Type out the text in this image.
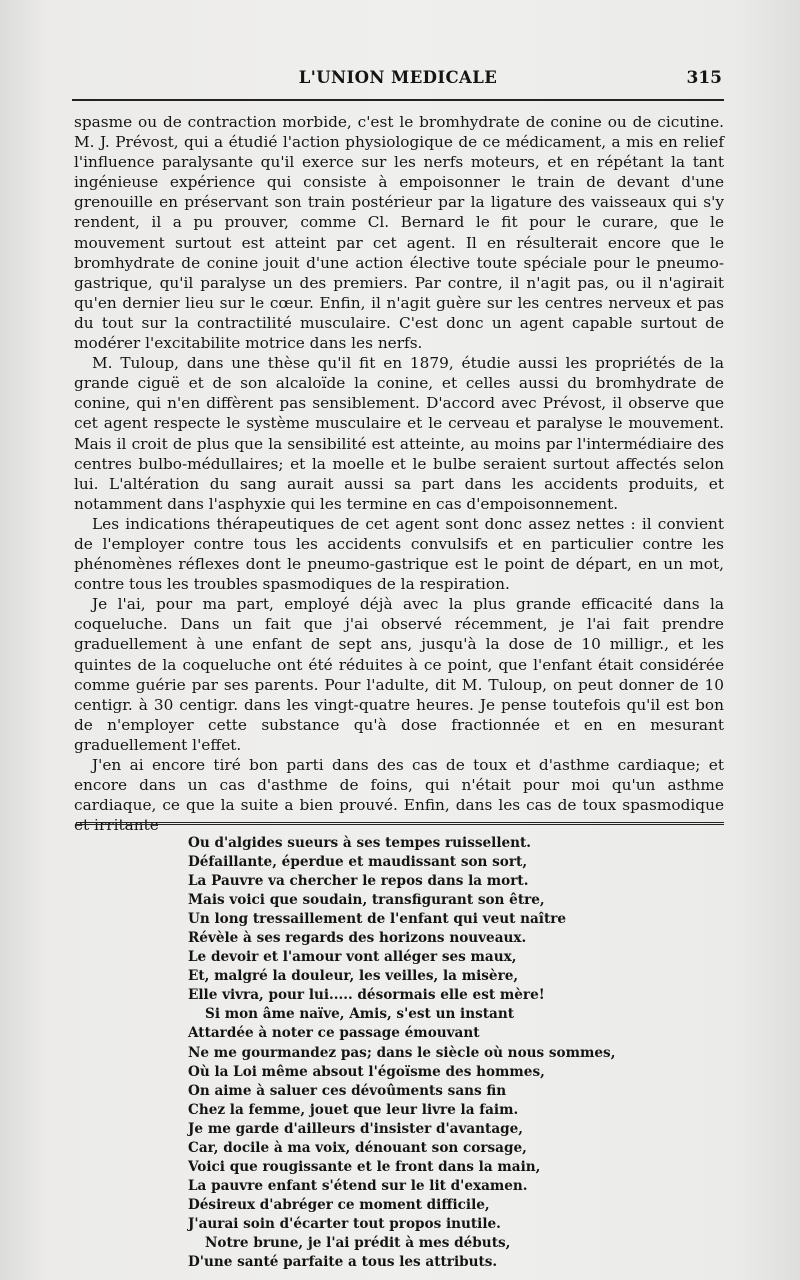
L'UNION MEDICALE	315

spasme ou de contraction morbide, c'est le bromhydrate de conine ou de cicutine. M. J. Prévost, qui a étudié l'action physiologique de ce médicament, a mis en relief l'influence paralysante qu'il exerce sur les nerfs moteurs, et en répétant la tant ingénieuse expérience qui consiste à empoisonner le train de devant d'une grenouille en préservant son train postérieur par la ligature des vaisseaux qui s'y rendent, il a pu prouver, comme Cl. Bernard le fit pour le curare, que le mouvement surtout est atteint par cet agent. Il en résulterait encore que le bromhydrate de conine jouit d'une action élective toute spéciale pour le pneumo-gastrique, qu'il paralyse un des premiers. Par contre, il n'agit pas, ou il n'agirait qu'en dernier lieu sur le cœur. Enfin, il n'agit guère sur les centres nerveux et pas du tout sur la contractilité musculaire. C'est donc un agent capable surtout de modérer l'excitabilite motrice dans les nerfs.

M. Tuloup, dans une thèse qu'il fit en 1879, étudie aussi les propriétés de la grande ciguë et de son alcaloïde la conine, et celles aussi du bromhydrate de conine, qui n'en diffèrent pas sensiblement. D'accord avec Prévost, il observe que cet agent respecte le système musculaire et le cerveau et paralyse le mouvement. Mais il croit de plus que la sensibilité est atteinte, au moins par l'intermédiaire des centres bulbo-médullaires; et la moelle et le bulbe seraient surtout affectés selon lui. L'altération du sang aurait aussi sa part dans les accidents produits, et notamment dans l'asphyxie qui les termine en cas d'empoisonnement.

Les indications thérapeutiques de cet agent sont donc assez nettes : il convient de l'employer contre tous les accidents convulsifs et en particulier contre les phénomènes réflexes dont le pneumo-gastrique est le point de départ, en un mot, contre tous les troubles spasmodiques de la respiration.

Je l'ai, pour ma part, employé déjà avec la plus grande efficacité dans la coqueluche. Dans un fait que j'ai observé récemment, je l'ai fait prendre graduellement à une enfant de sept ans, jusqu'à la dose de 10 milligr., et les quintes de la coqueluche ont été réduites à ce point, que l'enfant était considérée comme guérie par ses parents. Pour l'adulte, dit M. Tuloup, on peut donner de 10 centigr. à 30 centigr. dans les vingt-quatre heures. Je pense toutefois qu'il est bon de n'employer cette substance qu'à dose fractionnée et en en mesurant graduellement l'effet.

J'en ai encore tiré bon parti dans des cas de toux et d'asthme cardiaque; et encore dans un cas d'asthme de foins, qui n'était pour moi qu'un asthme cardiaque, ce que la suite a bien prouvé. Enfin, dans les cas de toux spasmodique et irritante

Ou d'algides sueurs à ses tempes ruissellent.
Défaillante, éperdue et maudissant son sort,
La Pauvre va chercher le repos dans la mort.
Mais voici que soudain, transfigurant son être,
Un long tressaillement de l'enfant qui veut naître
Révèle à ses regards des horizons nouveaux.
Le devoir et l'amour vont alléger ses maux,
Et, malgré la douleur, les veilles, la misère,
Elle vivra, pour lui..... désormais elle est mère!
Si mon âme naïve, Amis, s'est un instant
Attardée à noter ce passage émouvant
Ne me gourmandez pas; dans le siècle où nous sommes,
Où la Loi même absout l'égoïsme des hommes,
On aime à saluer ces dévoûments sans fin
Chez la femme, jouet que leur livre la faim.
Je me garde d'ailleurs d'insister d'avantage,
Car, docile à ma voix, dénouant son corsage,
Voici que rougissante et le front dans la main,
La pauvre enfant s'étend sur le lit d'examen.
Désireux d'abréger ce moment difficile,
J'aurai soin d'écarter tout propos inutile.
Notre brune, je l'ai prédit à mes débuts,
D'une santé parfaite a tous les attributs.
